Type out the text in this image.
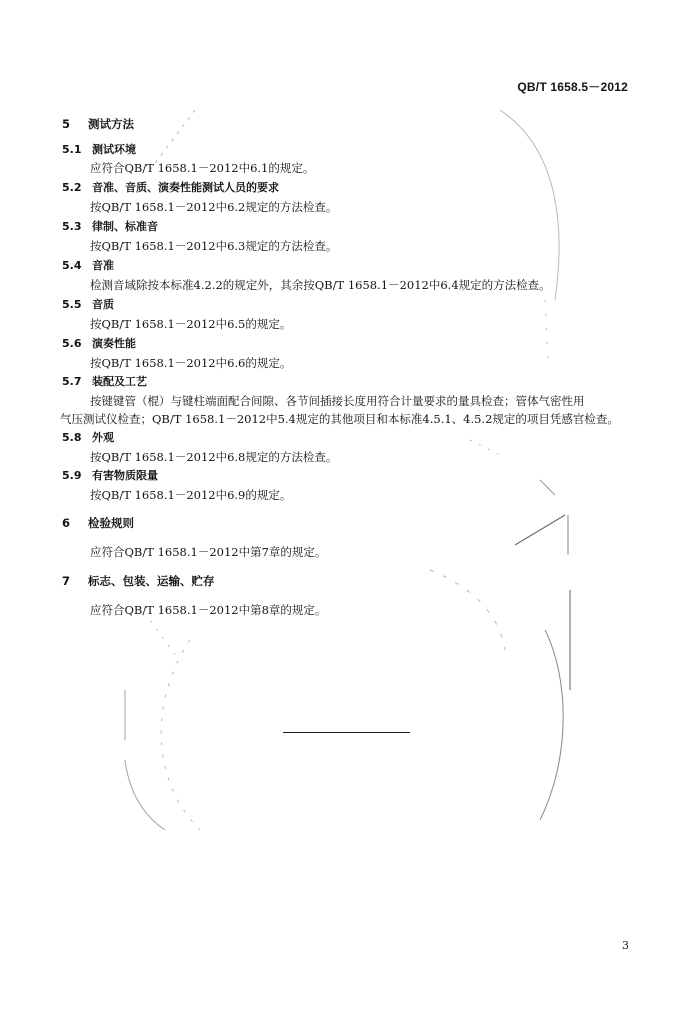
QB/T 1658.5－2012
5 测试方法
5.1 测试环境
应符合QB/T 1658.1－2012中6.1的规定。
5.2 音准、音质、演奏性能测试人员的要求
按QB/T 1658.1－2012中6.2规定的方法检查。
5.3 律制、标准音
按QB/T 1658.1－2012中6.3规定的方法检查。
5.4 音准
检测音域除按本标准4.2.2的规定外，其余按QB/T 1658.1－2012中6.4规定的方法检查。
5.5 音质
按QB/T 1658.1－2012中6.5的规定。
5.6 演奏性能
按QB/T 1658.1－2012中6.6的规定。
5.7 装配及工艺
按键键管（棍）与键柱端面配合间隙、各节间插接长度用符合计量要求的量具检查；管体气密性用
气压测试仪检查；QB/T 1658.1－2012中5.4规定的其他项目和本标准4.5.1、4.5.2规定的项目凭感官检查。
5.8 外观
按QB/T 1658.1－2012中6.8规定的方法检查。
5.9 有害物质限量
按QB/T 1658.1－2012中6.9的规定。
6 检验规则
应符合QB/T 1658.1－2012中第7章的规定。
7 标志、包装、运输、贮存
应符合QB/T 1658.1－2012中第8章的规定。
3
